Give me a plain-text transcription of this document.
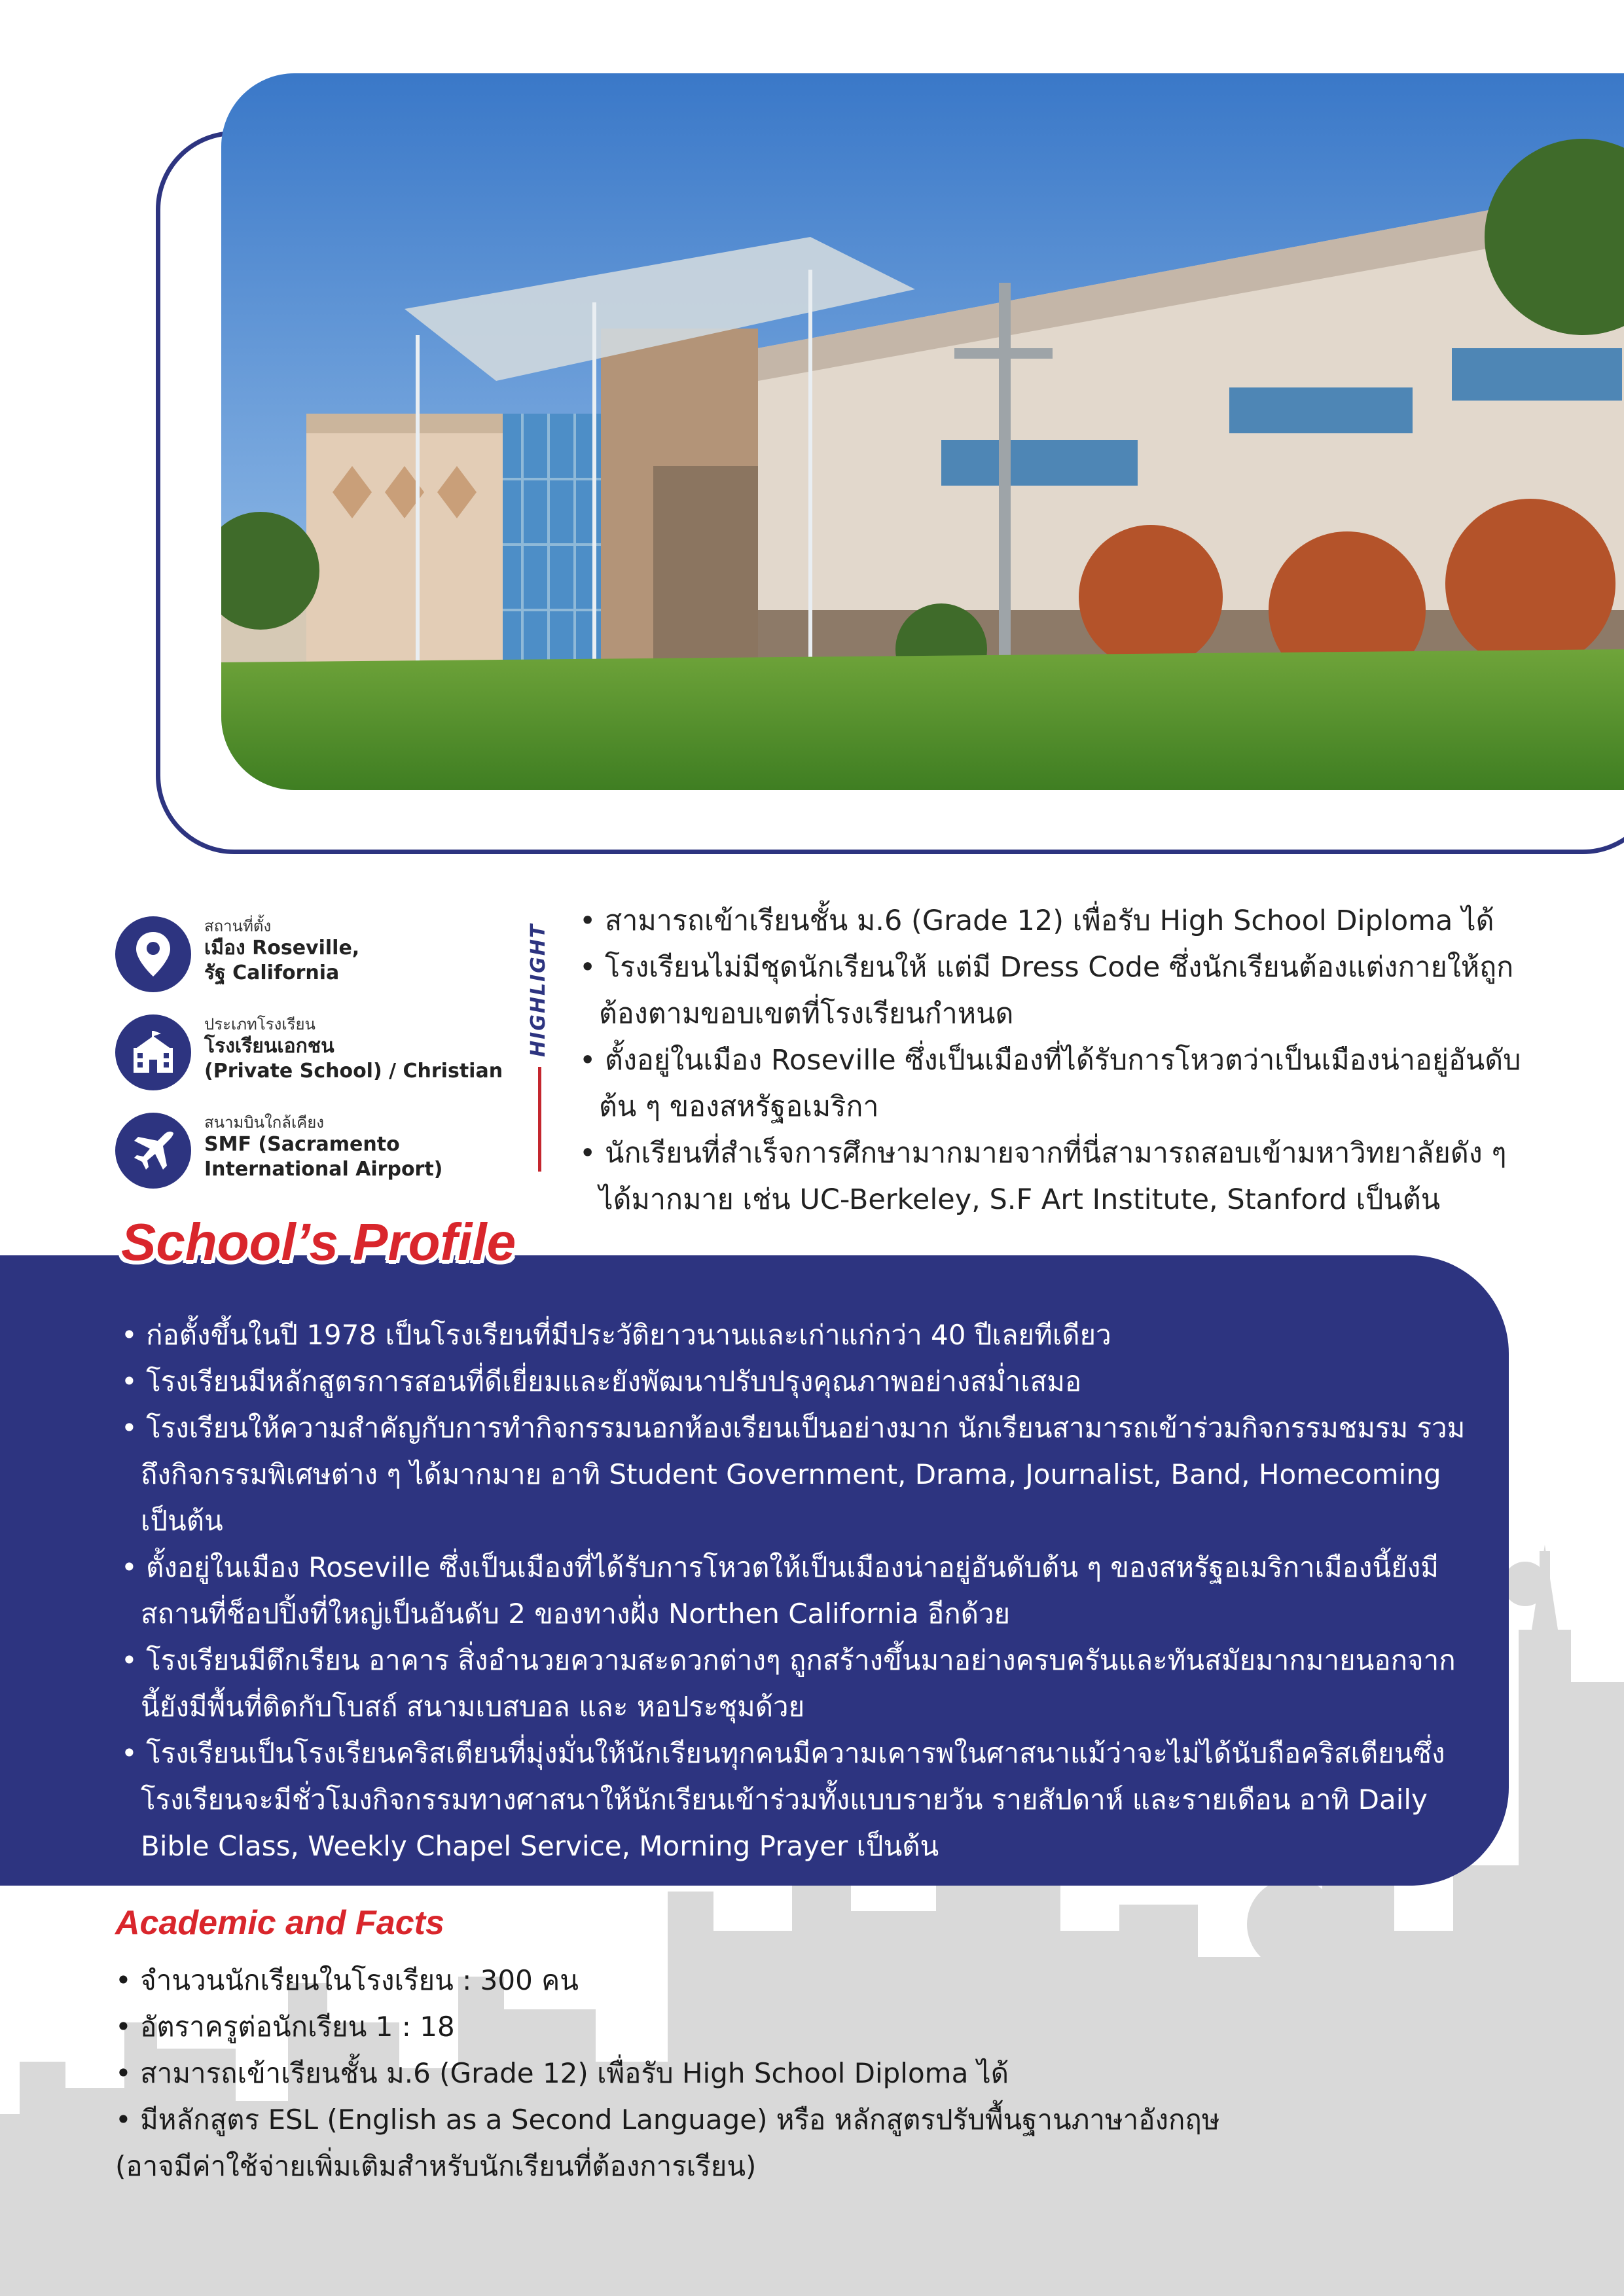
สถานที่ตั้ง
เมือง Roseville,
รัฐ California
ประเภทโรงเรียน
โรงเรียนเอกชน
(Private School) / Christian
สนามบินใกล้เคียง
SMF (Sacramento
International Airport)
HIGHLIGHT
• สามารถเข้าเรียนชั้น ม.6 (Grade 12) เพื่อรับ High School Diploma ได้
• โรงเรียนไม่มีชุดนักเรียนให้ แต่มี Dress Code ซึ่งนักเรียนต้องแต่งกายให้ถูกต้องตามขอบเขตที่โรงเรียนกำหนด
• ตั้งอยู่ในเมือง Roseville ซึ่งเป็นเมืองที่ได้รับการโหวตว่าเป็นเมืองน่าอยู่อันดับต้น ๆ ของสหรัฐอเมริกา
• นักเรียนที่สำเร็จการศึกษามากมายจากที่นี่สามารถสอบเข้ามหาวิทยาลัยดัง ๆ ได้มากมาย เช่น UC-Berkeley, S.F Art Institute, Stanford เป็นต้น
School’s Profile
• ก่อตั้งขึ้นในปี 1978 เป็นโรงเรียนที่มีประวัติยาวนานและเก่าแก่กว่า 40 ปีเลยทีเดียว
• โรงเรียนมีหลักสูตรการสอนที่ดีเยี่ยมและยังพัฒนาปรับปรุงคุณภาพอย่างสม่ำเสมอ
• โรงเรียนให้ความสำคัญกับการทำกิจกรรมนอกห้องเรียนเป็นอย่างมาก นักเรียนสามารถเข้าร่วมกิจกรรมชมรม รวมถึงกิจกรรมพิเศษต่าง ๆ ได้มากมาย อาทิ Student Government, Drama, Journalist, Band, Homecoming เป็นต้น
• ตั้งอยู่ในเมือง Roseville ซึ่งเป็นเมืองที่ได้รับการโหวตให้เป็นเมืองน่าอยู่อันดับต้น ๆ ของสหรัฐอเมริกาเมืองนี้ยังมีสถานที่ช็อปปิ้งที่ใหญ่เป็นอันดับ 2 ของทางฝั่ง Northen California อีกด้วย
• โรงเรียนมีตึกเรียน อาคาร สิ่งอำนวยความสะดวกต่างๆ ถูกสร้างขึ้นมาอย่างครบครันและทันสมัยมากมายนอกจากนี้ยังมีพื้นที่ติดกับโบสถ์ สนามเบสบอล และ หอประชุมด้วย
• โรงเรียนเป็นโรงเรียนคริสเตียนที่มุ่งมั่นให้นักเรียนทุกคนมีความเคารพในศาสนาแม้ว่าจะไม่ได้นับถือคริสเตียนซึ่งโรงเรียนจะมีชั่วโมงกิจกรรมทางศาสนาให้นักเรียนเข้าร่วมทั้งแบบรายวัน รายสัปดาห์ และรายเดือน อาทิ Daily Bible Class, Weekly Chapel Service, Morning Prayer เป็นต้น
Academic and Facts
• จำนวนนักเรียนในโรงเรียน : 300 คน
• อัตราครูต่อนักเรียน 1 : 18
• สามารถเข้าเรียนชั้น ม.6 (Grade 12) เพื่อรับ High School Diploma ได้
• มีหลักสูตร ESL (English as a Second Language) หรือ หลักสูตรปรับพื้นฐานภาษาอังกฤษ
(อาจมีค่าใช้จ่ายเพิ่มเติมสำหรับนักเรียนที่ต้องการเรียน)
